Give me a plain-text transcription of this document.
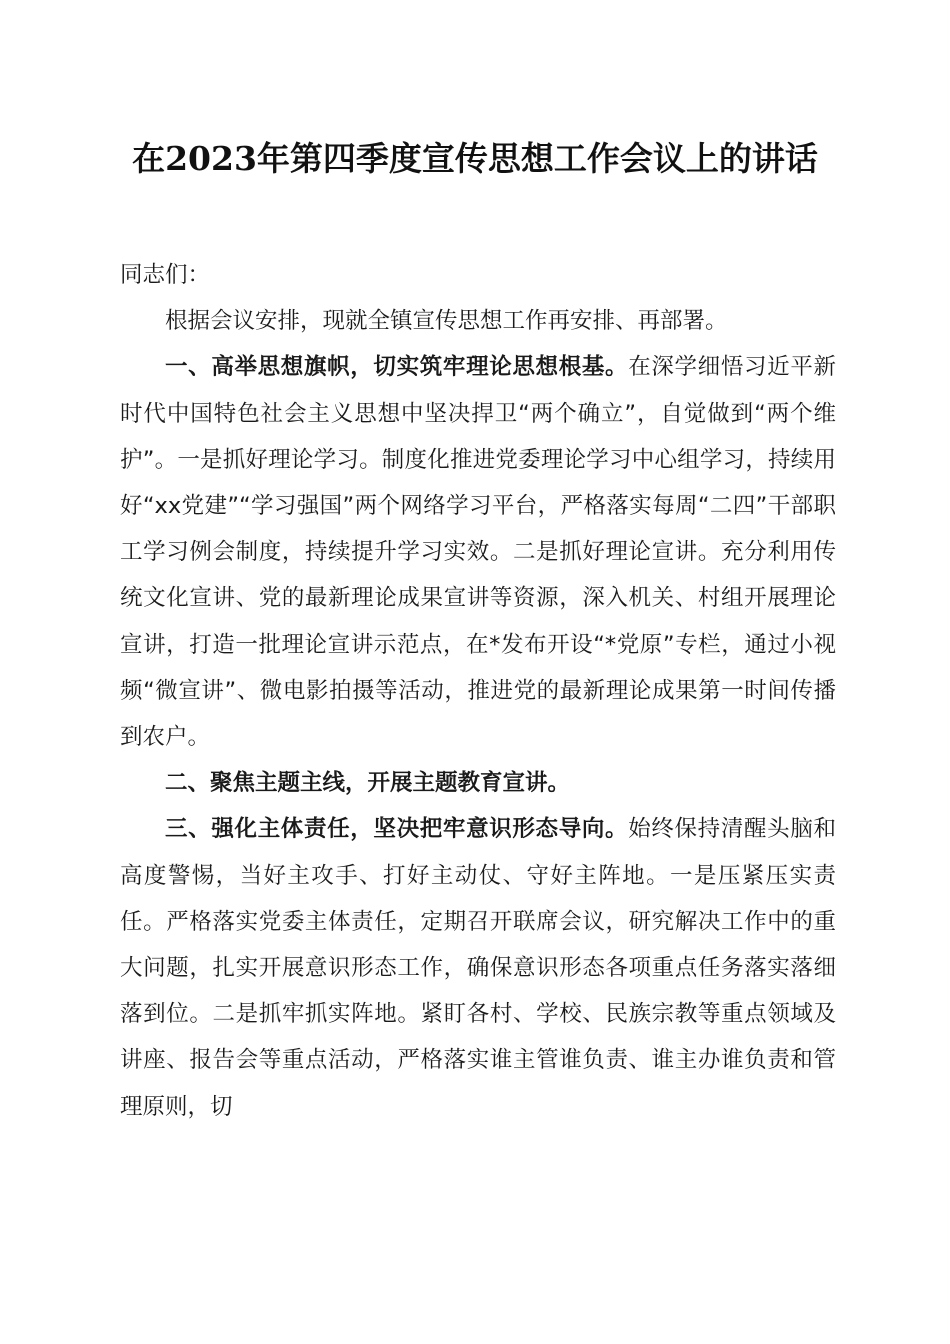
在2023年第四季度宣传思想工作会议上的讲话

同志们：

根据会议安排，现就全镇宣传思想工作再安排、再部署。

一、高举思想旗帜，切实筑牢理论思想根基。在深学细悟习近平新时代中国特色社会主义思想中坚决捍卫“两个确立”，自觉做到“两个维护”。一是抓好理论学习。制度化推进党委理论学习中心组学习，持续用好“xx党建”“学习强国”两个网络学习平台，严格落实每周“二四”干部职工学习例会制度，持续提升学习实效。二是抓好理论宣讲。充分利用传统文化宣讲、党的最新理论成果宣讲等资源，深入机关、村组开展理论宣讲，打造一批理论宣讲示范点，在*发布开设“*党原”专栏，通过小视频“微宣讲”、微电影拍摄等活动，推进党的最新理论成果第一时间传播到农户。

二、聚焦主题主线，开展主题教育宣讲。

三、强化主体责任，坚决把牢意识形态导向。始终保持清醒头脑和高度警惕，当好主攻手、打好主动仗、守好主阵地。一是压紧压实责任。严格落实党委主体责任，定期召开联席会议，研究解决工作中的重大问题，扎实开展意识形态工作，确保意识形态各项重点任务落实落细落到位。二是抓牢抓实阵地。紧盯各村、学校、民族宗教等重点领域及讲座、报告会等重点活动，严格落实谁主管谁负责、谁主办谁负责和管理原则，切
